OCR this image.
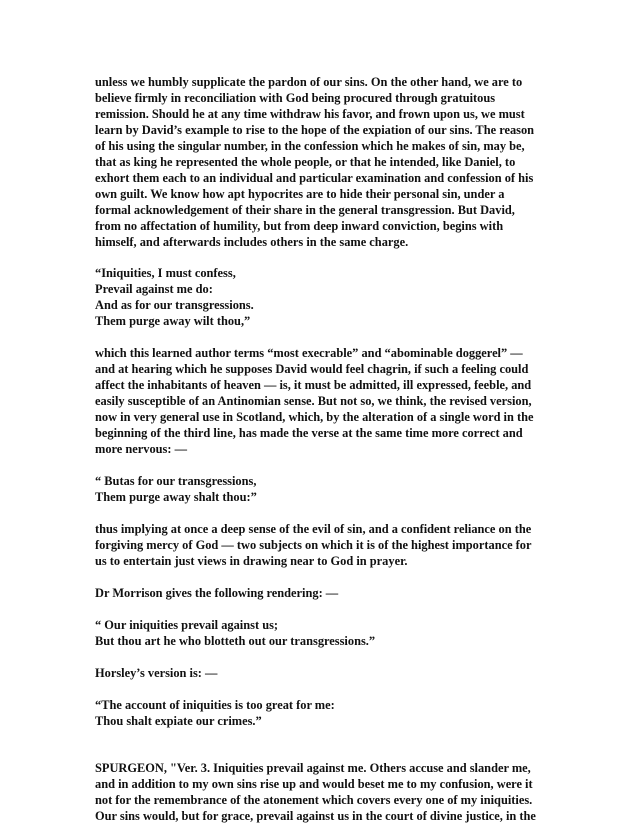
unless we humbly supplicate the pardon of our sins. On the other hand, we are to
believe firmly in reconciliation with God being procured through gratuitous
remission. Should he at any time withdraw his favor, and frown upon us, we must
learn by David’s example to rise to the hope of the expiation of our sins. The reason
of his using the singular number, in the confession which he makes of sin, may be,
that as king he represented the whole people, or that he intended, like Daniel, to
exhort them each to an individual and particular examination and confession of his
own guilt. We know how apt hypocrites are to hide their personal sin, under a
formal acknowledgement of their share in the general transgression. But David,
from no affectation of humility, but from deep inward conviction, begins with
himself, and afterwards includes others in the same charge.
“Iniquities, I must confess,
Prevail against me do:
And as for our transgressions.
Them purge away wilt thou,”
which this learned author terms “most execrable” and “abominable doggerel” —
and at hearing which he supposes David would feel chagrin, if such a feeling could
affect the inhabitants of heaven — is, it must be admitted, ill expressed, feeble, and
easily susceptible of an Antinomian sense. But not so, we think, the revised version,
now in very general use in Scotland, which, by the alteration of a single word in the
beginning of the third line, has made the verse at the same time more correct and
more nervous: —
“ Butas for our transgressions,
Them purge away shalt thou:”
thus implying at once a deep sense of the evil of sin, and a confident reliance on the
forgiving mercy of God — two subjects on which it is of the highest importance for
us to entertain just views in drawing near to God in prayer.
Dr Morrison gives the following rendering: —
“ Our iniquities prevail against us;
But thou art he who blotteth out our transgressions.”
Horsley’s version is: —
“The account of iniquities is too great for me:
Thou shalt expiate our crimes.”
SPURGEON, "Ver. 3. Iniquities prevail against me. Others accuse and slander me,
and in addition to my own sins rise up and would beset me to my confusion, were it
not for the remembrance of the atonement which covers every one of my iniquities.
Our sins would, but for grace, prevail against us in the court of divine justice, in the
